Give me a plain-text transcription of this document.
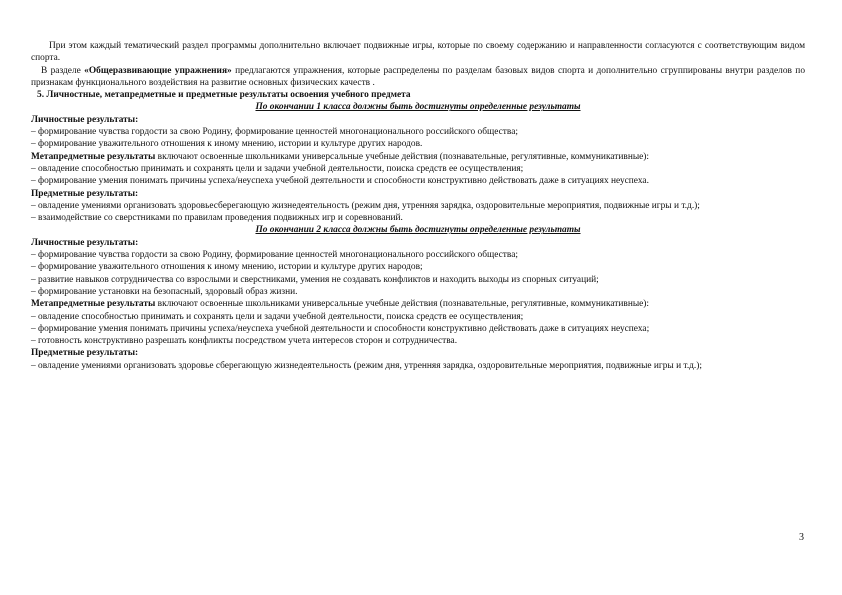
При этом каждый тематический раздел программы дополнительно включает подвижные игры, которые по своему содержанию и направленности согласуются с соответствующим видом спорта.

В разделе «Общеразвивающие упражнения» предлагаются упражнения, которые распределены по разделам базовых видов спорта и дополнительно сгруппированы внутри разделов по признакам функционального воздействия на развитие основных физических качеств .

5. Личностные, метапредметные и предметные результаты освоения учебного предмета

По окончании 1 класса должны быть достигнуты определенные результаты

Личностные результаты:

– формирование чувства гордости за свою Родину, формирование ценностей многонационального российского общества;

– формирование уважительного отношения к иному мнению, истории и культуре других народов.

Метапредметные результаты включают освоенные школьниками универсальные учебные действия (познавательные, регулятивные, коммуникативные):

– овладение способностью принимать и сохранять цели и задачи учебной деятельности, поиска средств ее осуществления;

– формирование умения понимать причины успеха/неуспеха учебной деятельности и способности конструктивно действовать даже в ситуациях неуспеха.

Предметные результаты:

– овладение умениями организовать здоровьесберегающую жизнедеятельность (режим дня, утренняя зарядка, оздоровительные мероприятия, подвижные игры и т.д.);

– взаимодействие со сверстниками по правилам проведения подвижных игр и соревнований.

По окончании 2 класса должны быть достигнуты определенные результаты

Личностные результаты:

– формирование чувства гордости за свою Родину, формирование ценностей многонационального российского общества;

– формирование уважительного отношения к иному мнению, истории и культуре других народов;

– развитие навыков сотрудничества со взрослыми и сверстниками, умения не создавать конфликтов и находить выходы из спорных ситуаций;

– формирование установки на безопасный, здоровый образ жизни.

Метапредметные результаты включают освоенные школьниками универсальные учебные действия (познавательные, регулятивные, коммуникативные):

– овладение способностью принимать и сохранять цели и задачи учебной деятельности, поиска средств ее осуществления;

– формирование умения понимать причины успеха/неуспеха учебной деятельности и способности конструктивно действовать даже в ситуациях неуспеха;

– готовность конструктивно разрешать конфликты посредством учета интересов сторон и сотрудничества.

Предметные результаты:

– овладение умениями организовать здоровье сберегающую жизнедеятельность (режим дня, утренняя зарядка, оздоровительные мероприятия, подвижные игры и т.д.);

3
